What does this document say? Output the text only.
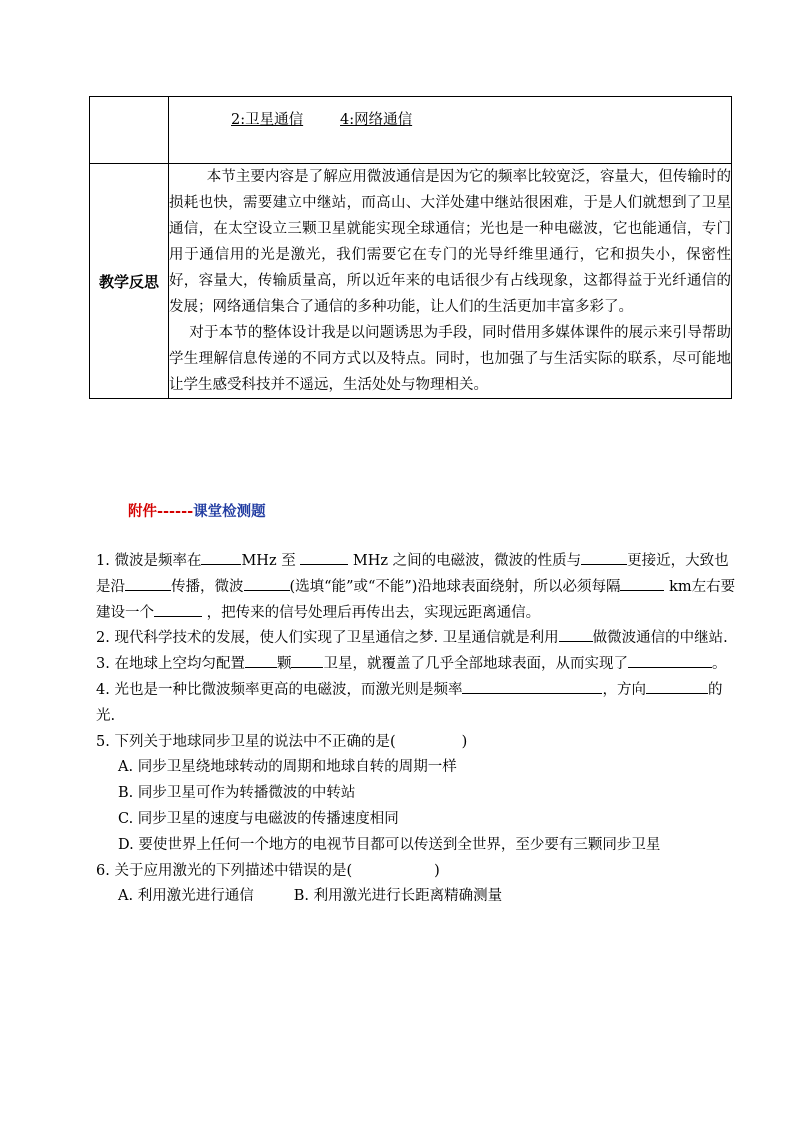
	2:卫星通信 4:网络通信

教学反思	本节主要内容是了解应用微波通信是因为它的频率比较宽泛，容量大，但传输时的损耗也快，需要建立中继站，而高山、大洋处建中继站很困难，于是人们就想到了卫星通信，在太空设立三颗卫星就能实现全球通信；光也是一种电磁波，它也能通信，专门用于通信用的光是激光，我们需要它在专门的光导纤维里通行，它和损失小，保密性好，容量大，传输质量高，所以近年来的电话很少有占线现象，这都得益于光纤通信的发展；网络通信集合了通信的多种功能，让人们的生活更加丰富多彩了。

对于本节的整体设计我是以问题诱思为手段，同时借用多媒体课件的展示来引导帮助学生理解信息传递的不同方式以及特点。同时，也加强了与生活实际的联系，尽可能地让学生感受科技并不遥远，生活处处与物理相关。

附件------课堂检测题

1. 微波是频率在	MHz 至	MHz 之间的电磁波，微波的性质与	更接近，大致也是沿	传播，微波	(选填“能”或“不能”)沿地球表面绕射，所以必须每隔	km左右要建设一个	，把传来的信号处理后再传出去，实现远距离通信。

2. 现代科学技术的发展，使人们实现了卫星通信之梦. 卫星通信就是利用 做微波通信的中继站.

3. 在地球上空均匀配置 颗 卫星，就覆盖了几乎全部地球表面，从而实现了	。

4. 光也是一种比微波频率更高的电磁波，而激光则是频率	，方向	的光.

5. 下列关于地球同步卫星的说法中不正确的是(	)

A. 同步卫星绕地球转动的周期和地球自转的周期一样

B. 同步卫星可作为转播微波的中转站

C. 同步卫星的速度与电磁波的传播速度相同

D. 要使世界上任何一个地方的电视节目都可以传送到全世界，至少要有三颗同步卫星

6. 关于应用激光的下列描述中错误的是(	)

A. 利用激光进行通信	B. 利用激光进行长距离精确测量
